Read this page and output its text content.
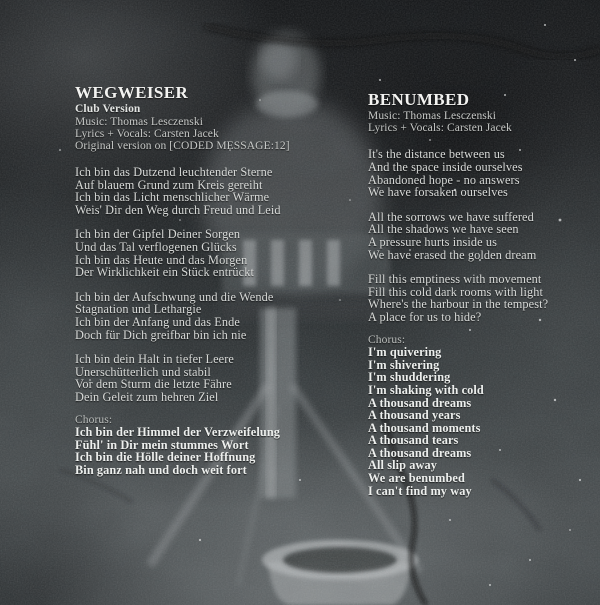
WEGWEISER
Club Version
Music: Thomas Lesczenski
Lyrics + Vocals: Carsten Jacek
Original version on [CODED MESSAGE:12]
Ich bin das Dutzend leuchtender Sterne
Auf blauem Grund zum Kreis gereiht
Ich bin das Licht menschlicher Wärme
Weis' Dir den Weg durch Freud und Leid
Ich bin der Gipfel Deiner Sorgen
Und das Tal verflogenen Glücks
Ich bin das Heute und das Morgen
Der Wirklichkeit ein Stück entrückt
Ich bin der Aufschwung und die Wende
Stagnation und Lethargie
Ich bin der Anfang und das Ende
Doch für Dich greifbar bin ich nie
Ich bin dein Halt in tiefer Leere
Unerschütterlich und stabil
Vor dem Sturm die letzte Fähre
Dein Geleit zum hehren Ziel
Chorus:
Ich bin der Himmel der Verzweifelung
Fühl' in Dir mein stummes Wort
Ich bin die Hölle deiner Hoffnung
Bin ganz nah und doch weit fort
BENUMBED
Music: Thomas Lesczenski
Lyrics + Vocals: Carsten Jacek
It's the distance between us
And the space inside ourselves
Abandoned hope - no answers
We have forsaken ourselves
All the sorrows we have suffered
All the shadows we have seen
A pressure hurts inside us
We have erased the golden dream
Fill this emptiness with movement
Fill this cold dark rooms with light
Where's the harbour in the tempest?
A place for us to hide?
Chorus:
I'm quivering
I'm shivering
I'm shuddering
I'm shaking with cold
A thousand dreams
A thousand years
A thousand moments
A thousand tears
A thousand dreams
All slip away
We are benumbed
I can't find my way
